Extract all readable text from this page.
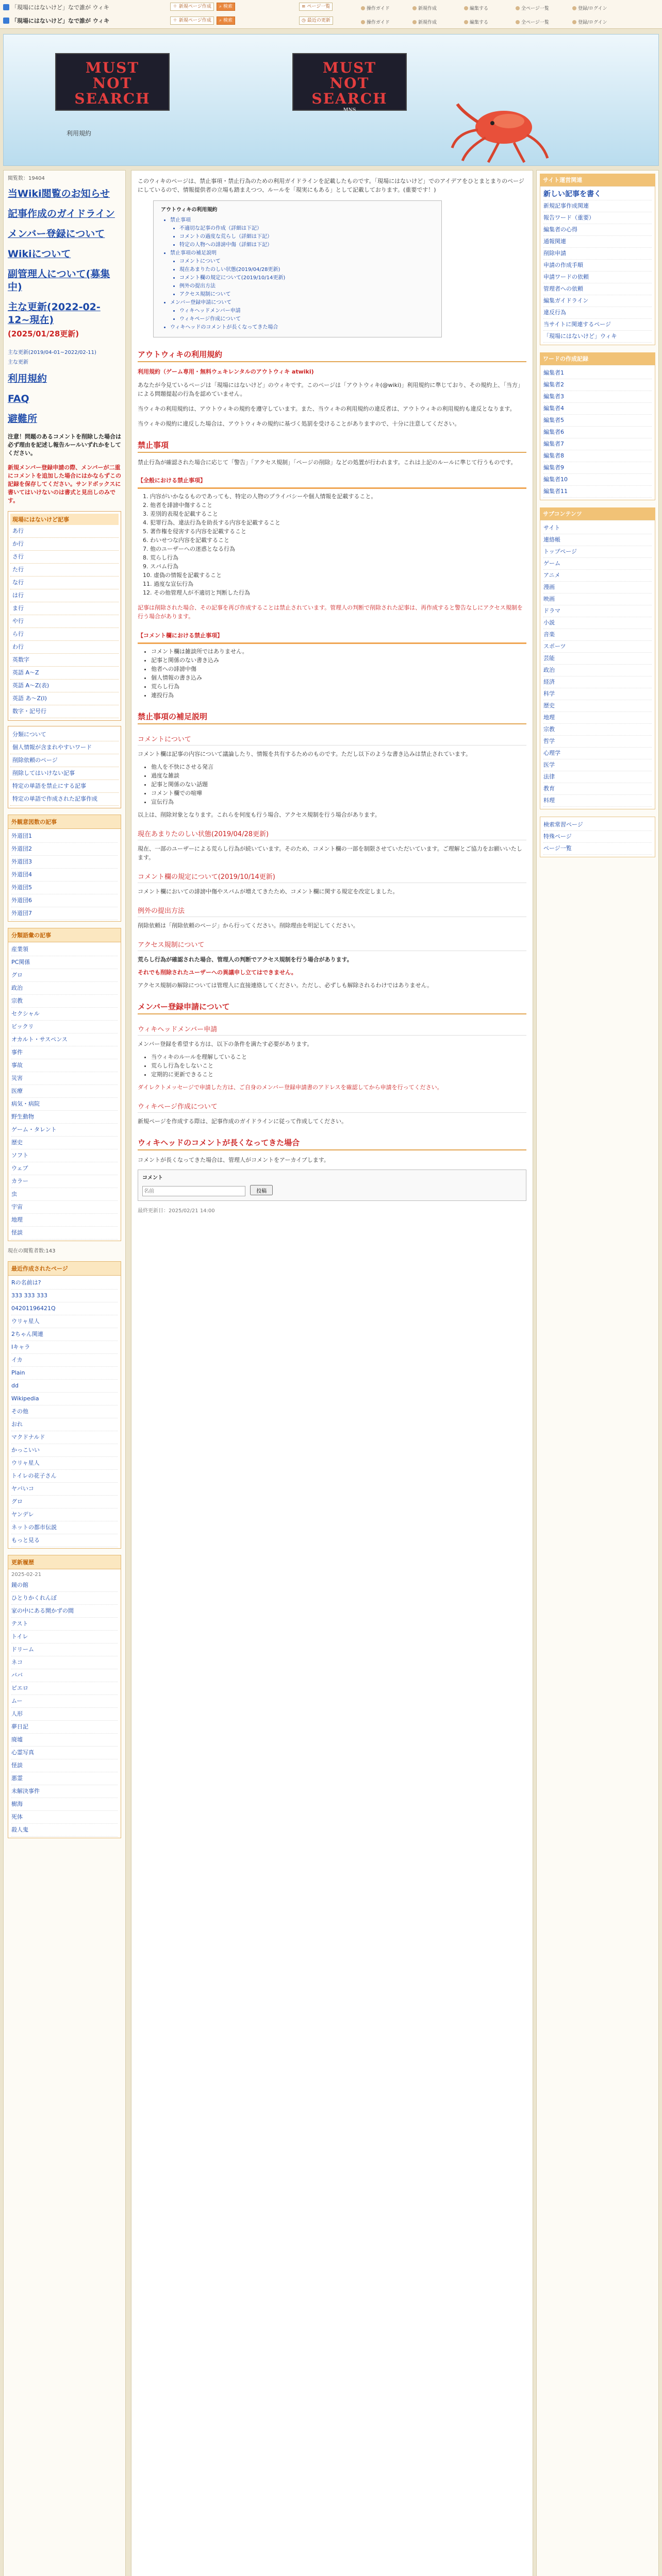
「現場にはないけど」なで誰が ウィキ
「現場にはないけど」なで誰が ウィキ
＋ 新規ページ作成 ⌕ 検索	≡ ページ一覧
＋ 新規ページ作成 ⌕ 検索	◷ 最近の更新
操作ガイド	新規作成	編集する	全ページ一覧	登録/ログイン
操作ガイド	新規作成	編集する	全ページ一覧	登録/ログイン
MUST
NOT
SEARCH
MUST
NOT
SEARCH
MNS
利用規約
閲覧数：19404
当Wiki閲覧のお知らせ
記事作成のガイドライン
メンバー登録について
Wikiについて
副管理人について(募集中)
主な更新(2022-02-12~現在)
(2025/01/28更新)
主な更新(2019/04-01~2022/02-11)
主な更新
利用規約
FAQ
避難所
注意！問題のあるコメントを削除した場合は必ず理由を記述し報告ルールいずれかをしてください。
新規メンバー登録申請の際、メンバーが二重にコメントを追加した場合にはかならずこの記録を保存してください。サンドボックスに書いてはいけないのは書式と見出しのみです。
現場にはないけど記事
あ行
か行
さ行
た行
な行
は行
ま行
や行
ら行
わ行
英数字
英語 A～Z
英語 A～Z(表)
英語 あ～Z(I)
数字・記号行
分類について
個人情報が含まれやすいワード
削除依頼のページ
削除してはいけない記事
特定の単語を禁止にする記事
特定の単語で作成された記事作成
外観意図数の記事
外道団1
外道団2
外道団3
外道団4
外道団5
外道団6
外道団7
分類語彙の記事
産業領
PC関係
グロ
政治
宗教
セクシャル
ビックリ
オカルト・サスペンス
事件
事故
災害
医療
病気・病院
野生動物
ゲーム・タレント
歴史
ソフト
ウェブ
カラー
虫
宇宙
地理
怪談
現在の閲覧者数:143
最近作成されたページ
Rの名前は?
333 333 333
04201196421Q
ウリャ星人
2ちゃん関連
Iキャラ
イカ
Plain
dd
Wikipedia
その他
おれ
マクドナルド
かっこいい
ウリャ星人
トイレの花子さん
ヤバいコ
グロ
ヤンデレ
ネットの都市伝説
もっと見る
更新履歴
2025-02-21
鏡の館
ひとりかくれんぼ
家の中にある開かずの間
テスト
トイレ
ドリーム
ネコ
ババ
ピエロ
ムー
人形
夢日記
廃墟
心霊写真
怪談
悪霊
未解決事件
樹海
死体
殺人鬼

このウィキのページは、禁止事項・禁止行為のための利用ガイドラインを記載したものです。「現場にはないけど」でのアイデアをひとまとまりのページにしているので、情報提供者の立場も踏まえつつ、ルールを「現実にもある」として記載しております。(重要です！)

アウトウィキの利用規約
• 禁止事項
• 不適切な記事の作成（詳細は下記）
• コメントの過度な荒らし（詳細は下記）
• 特定の人物への誹謗中傷（詳細は下記）
• 禁止事項の補足説明
• コメントについて
• 現在あまりたのしい状態(2019/04/28更新)
• コメント欄の規定について(2019/10/14更新)
• 例外の提出方法
• アクセス規制について
• メンバー登録申請について
• ウィキヘッドメンバー申請
• ウィキページ作成について
• ウィキヘッドのコメントが長くなってきた場合
アウトウィキの利用規約
利用規約（ゲーム専用・無料ウェキレンタルのアウトウィキ atwiki)

あなたが今見ているページは「現場にはないけど」のウィキです。このページは「アウトウィキ(@wiki)」利用規約に準じており、その規約上、「当方」による問題提起の行為を認めていません。

当ウィキの利用規約は、アウトウィキの規約を遵守しています。また、当ウィキの利用規約の違反者は、アウトウィキの利用規約も違反となります。

当ウィキの規約に違反した場合は、アウトウィキの規約に基づく処罰を受けることがありますので、十分に注意してください。

禁止事項

禁止行為が確認された場合に応じて「警告」「アクセス規制」「ページの削除」などの処置が行われます。これは上記のルールに準じて行うものです。

【全般における禁止事項】
1. 内容がいかなるものであっても、特定の人物のプライバシーや個人情報を記載すること。
2. 他者を誹謗中傷すること
3. 差別的表現を記載すること
4. 犯罪行為、違法行為を助長する内容を記載すること
5. 著作権を侵害する内容を記載すること
6. わいせつな内容を記載すること
7. 他のユーザーへの迷惑となる行為
8. 荒らし行為
9. スパム行為
10. 虚偽の情報を記載すること
11. 過度な宣伝行為
12. その他管理人が不適切と判断した行為

記事は削除された場合、その記事を再び作成することは禁止されています。管理人の判断で削除された記事は、再作成すると警告なしにアクセス規制を行う場合があります。

【コメント欄における禁止事項】
• コメント欄は雑談所ではありません。
• 記事と関係のない書き込み
• 他者への誹謗中傷
• 個人情報の書き込み
• 荒らし行為
• 連投行為
禁止事項の補足説明
コメントについて

コメント欄は記事の内容について議論したり、情報を共有するためのものです。ただし以下のような書き込みは禁止されています。

• 他人を不快にさせる発言
• 過度な雑談
• 記事と関係のない話題
• コメント欄での喧嘩
• 宣伝行為

以上は、削除対象となります。これらを何度も行う場合、アクセス規制を行う場合があります。

現在あまりたのしい状態(2019/04/28更新)

現在、一部のユーザーによる荒らし行為が続いています。そのため、コメント欄の一部を制限させていただいています。ご理解とご協力をお願いいたします。

コメント欄の規定について(2019/10/14更新)

コメント欄においての誹謗中傷やスパムが増えてきたため、コメント欄に関する規定を改定しました。

例外の提出方法

削除依頼は「削除依頼のページ」から行ってください。削除理由を明記してください。

アクセス規制について

荒らし行為が確認された場合、管理人の判断でアクセス規制を行う場合があります。

それでも削除されたユーザーへの異議申し立てはできません。

アクセス規制の解除については管理人に直接連絡してください。ただし、必ずしも解除されるわけではありません。

メンバー登録申請について
ウィキヘッドメンバー申請

メンバー登録を希望する方は、以下の条件を満たす必要があります。

• 当ウィキのルールを理解していること
• 荒らし行為をしないこと
• 定期的に更新できること

ダイレクトメッセージで申請した方は、ご自身のメンバー登録申請書のアドレスを確認してから申請を行ってください。

ウィキページ作成について

新規ページを作成する際は、記事作成のガイドラインに従って作成してください。

ウィキヘッドのコメントが長くなってきた場合

コメントが長くなってきた場合は、管理人がコメントをアーカイブします。

コメント
名前 投稿
最終更新日：2025/02/21 14:00
サイト運営関連
新しい記事を書く
新規記事作成関連
報告ワード（重要）
編集者の心得
通報関連
削除申請
申請の作成手順
申請ワードの依頼
管理者への依頼
編集ガイドライン
違反行為
当サイトに関連するページ
「現場にはないけど」ウィキ
ワードの作成記録
編集者1
編集者2
編集者3
編集者4
編集者5
編集者6
編集者7
編集者8
編集者9
編集者10
編集者11
サブコンテンツ
サイト
連絡帳
トップページ
ゲーム
アニメ
漫画
映画
ドラマ
小説
音楽
スポーツ
芸能
政治
経済
科学
歴史
地理
宗教
哲学
心理学
医学
法律
教育
料理
検索常習ページ
特殊ページ
ページ一覧
